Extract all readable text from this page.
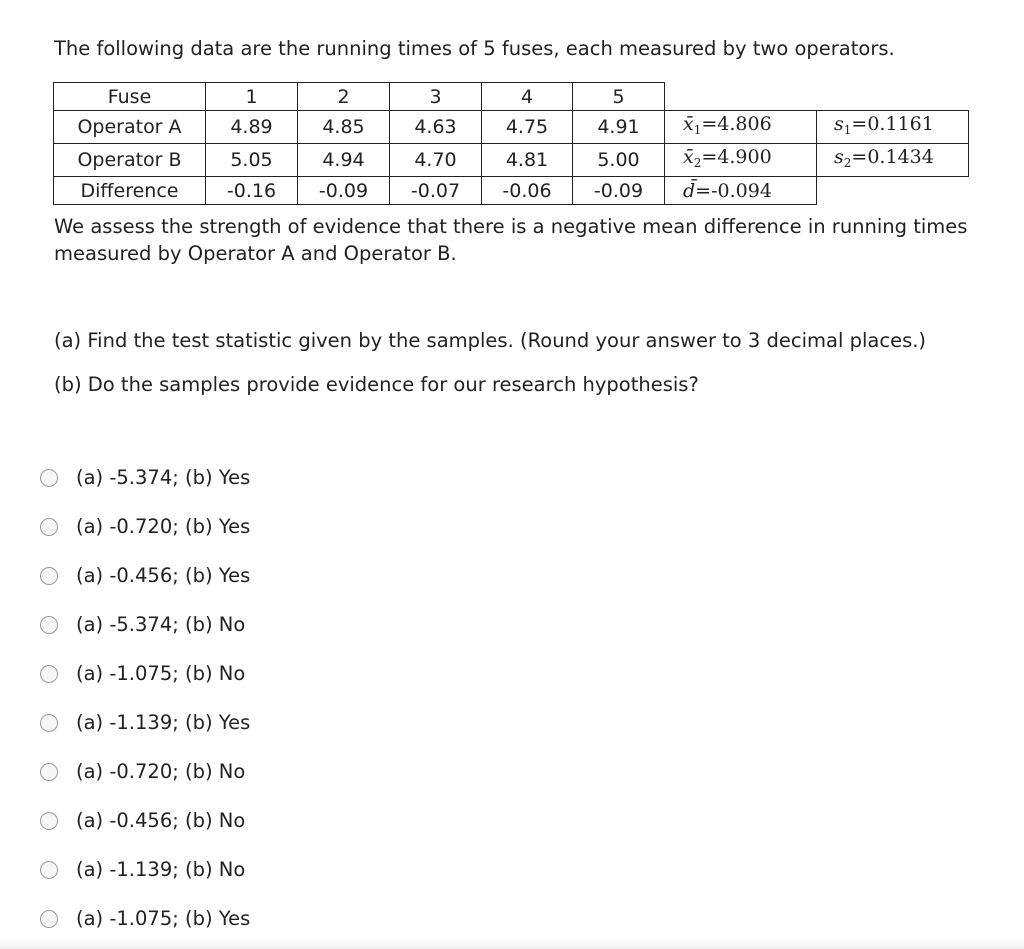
The following data are the running times of 5 fuses, each measured by two operators.

Fuse	1	2	3	4	5		
Operator A	4.89	4.85	4.63	4.75	4.91	$x̄_1=4.806$	$s_1=0.1161$
Operator B	5.05	4.94	4.70	4.81	5.00	$x̄_2=4.900$	$s_2=0.1434$
Difference	-0.16	-0.09	-0.07	-0.06	-0.09	d̄=-0.094	

We assess the strength of evidence that there is a negative mean difference in running times measured by Operator A and Operator B.

(a) Find the test statistic given by the samples. (Round your answer to 3 decimal places.)

(b) Do the samples provide evidence for our research hypothesis?

(a) -5.374; (b) Yes
(a) -0.720; (b) Yes
(a) -0.456; (b) Yes
(a) -5.374; (b) No
(a) -1.075; (b) No
(a) -1.139; (b) Yes
(a) -0.720; (b) No
(a) -0.456; (b) No
(a) -1.139; (b) No
(a) -1.075; (b) Yes
